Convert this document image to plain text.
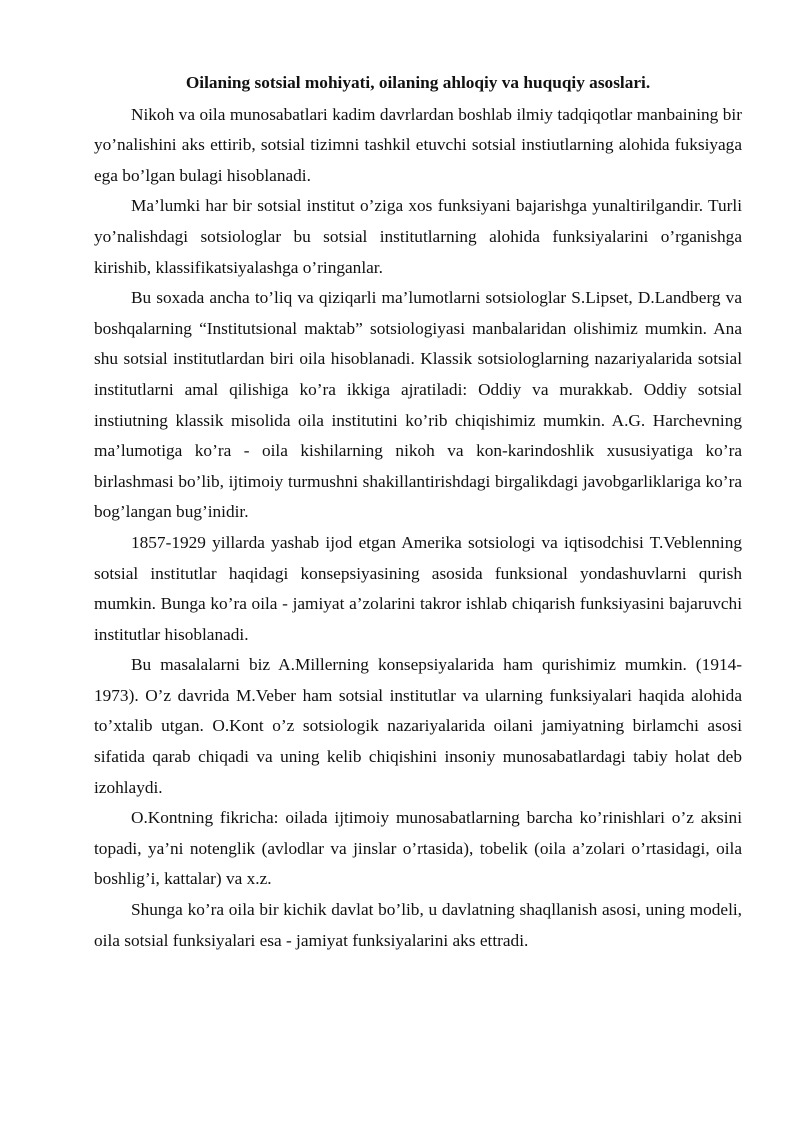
Oilaning sotsial mohiyati, oilaning ahloqiy va huquqiy asoslari.

Nikoh va oila munosabatlari kadim davrlardan boshlab ilmiy tadqiqotlar manbaining bir yo’nalishini aks ettirib, sotsial tizimni tashkil etuvchi sotsial instiutlarning alohida fuksiyaga ega bo’lgan bulagi hisoblanadi.

Ma’lumki har bir sotsial institut o’ziga xos funksiyani bajarishga yunaltirilgandir. Turli yo’nalishdagi sotsiologlar bu sotsial institutlarning alohida funksiyalarini o’rganishga kirishib, klassifikatsiyalashga o’ringanlar.

Bu soxada ancha to’liq va qiziqarli ma’lumotlarni sotsiologlar S.Lipset, D.Landberg va boshqalarning “Institutsional maktab” sotsiologiyasi manbalaridan olishimiz mumkin. Ana shu sotsial institutlardan biri oila hisoblanadi. Klassik sotsiologlarning nazariyalarida sotsial institutlarni amal qilishiga ko’ra ikkiga ajratiladi: Oddiy va murakkab. Oddiy sotsial instiutning klassik misolida oila institutini ko’rib chiqishimiz mumkin. A.G. Harchevning ma’lumotiga ko’ra - oila kishilarning nikoh va kon-karindoshlik xususiyatiga ko’ra birlashmasi bo’lib, ijtimoiy turmushni shakillantirishdagi birgalikdagi javobgarliklariga ko’ra bog’langan bug’inidir.

1857-1929 yillarda yashab ijod etgan Amerika sotsiologi va iqtisodchisi T.Veblenning sotsial institutlar haqidagi konsepsiyasining asosida funksional yondashuvlarni qurish mumkin. Bunga ko’ra oila - jamiyat a’zolarini takror ishlab chiqarish funksiyasini bajaruvchi institutlar hisoblanadi.

Bu masalalarni biz A.Millerning konsepsiyalarida ham qurishimiz mumkin. (1914-1973). O’z davrida M.Veber ham sotsial institutlar va ularning funksiyalari haqida alohida to’xtalib utgan. O.Kont o’z sotsiologik nazariyalarida oilani jamiyatning birlamchi asosi sifatida qarab chiqadi va uning kelib chiqishini insoniy munosabatlardagi tabiy holat deb izohlaydi.

O.Kontning fikricha: oilada ijtimoiy munosabatlarning barcha ko’rinishlari o’z aksini topadi, ya’ni notenglik (avlodlar va jinslar o’rtasida), tobelik (oila a’zolari o’rtasidagi, oila boshlig’i, kattalar) va x.z.

Shunga ko’ra oila bir kichik davlat bo’lib, u davlatning shaqllanish asosi, uning modeli, oila sotsial funksiyalari esa - jamiyat funksiyalarini aks ettradi.
